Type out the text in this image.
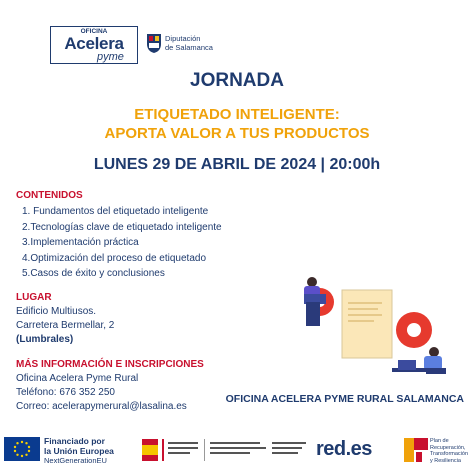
OFICINA
Acelera
pyme
Diputación
de Salamanca
JORNADA
ETIQUETADO INTELIGENTE:
APORTA VALOR A TUS PRODUCTOS
LUNES 29 DE ABRIL DE 2024 | 20:00h
CONTENIDOS
1. Fundamentos del etiquetado inteligente
2.Tecnologías clave de etiquetado inteligente
3.Implementación práctica
4.Optimización del proceso de etiquetado
5.Casos de éxito y conclusiones
LUGAR
Edificio Multiusos.
Carretera Bermellar, 2
(Lumbrales)
MÁS INFORMACIÓN E INSCRIPCIONES
Oficina Acelera Pyme Rural
Teléfono: 676 352 250
Correo: acelerapymerural@lasalina.es
OFICINA ACELERA PYME RURAL SALAMANCA
Financiado por
la Unión Europea
NextGenerationEU
red.es	Plan de
Recuperación,
Transformación
y Resiliencia
